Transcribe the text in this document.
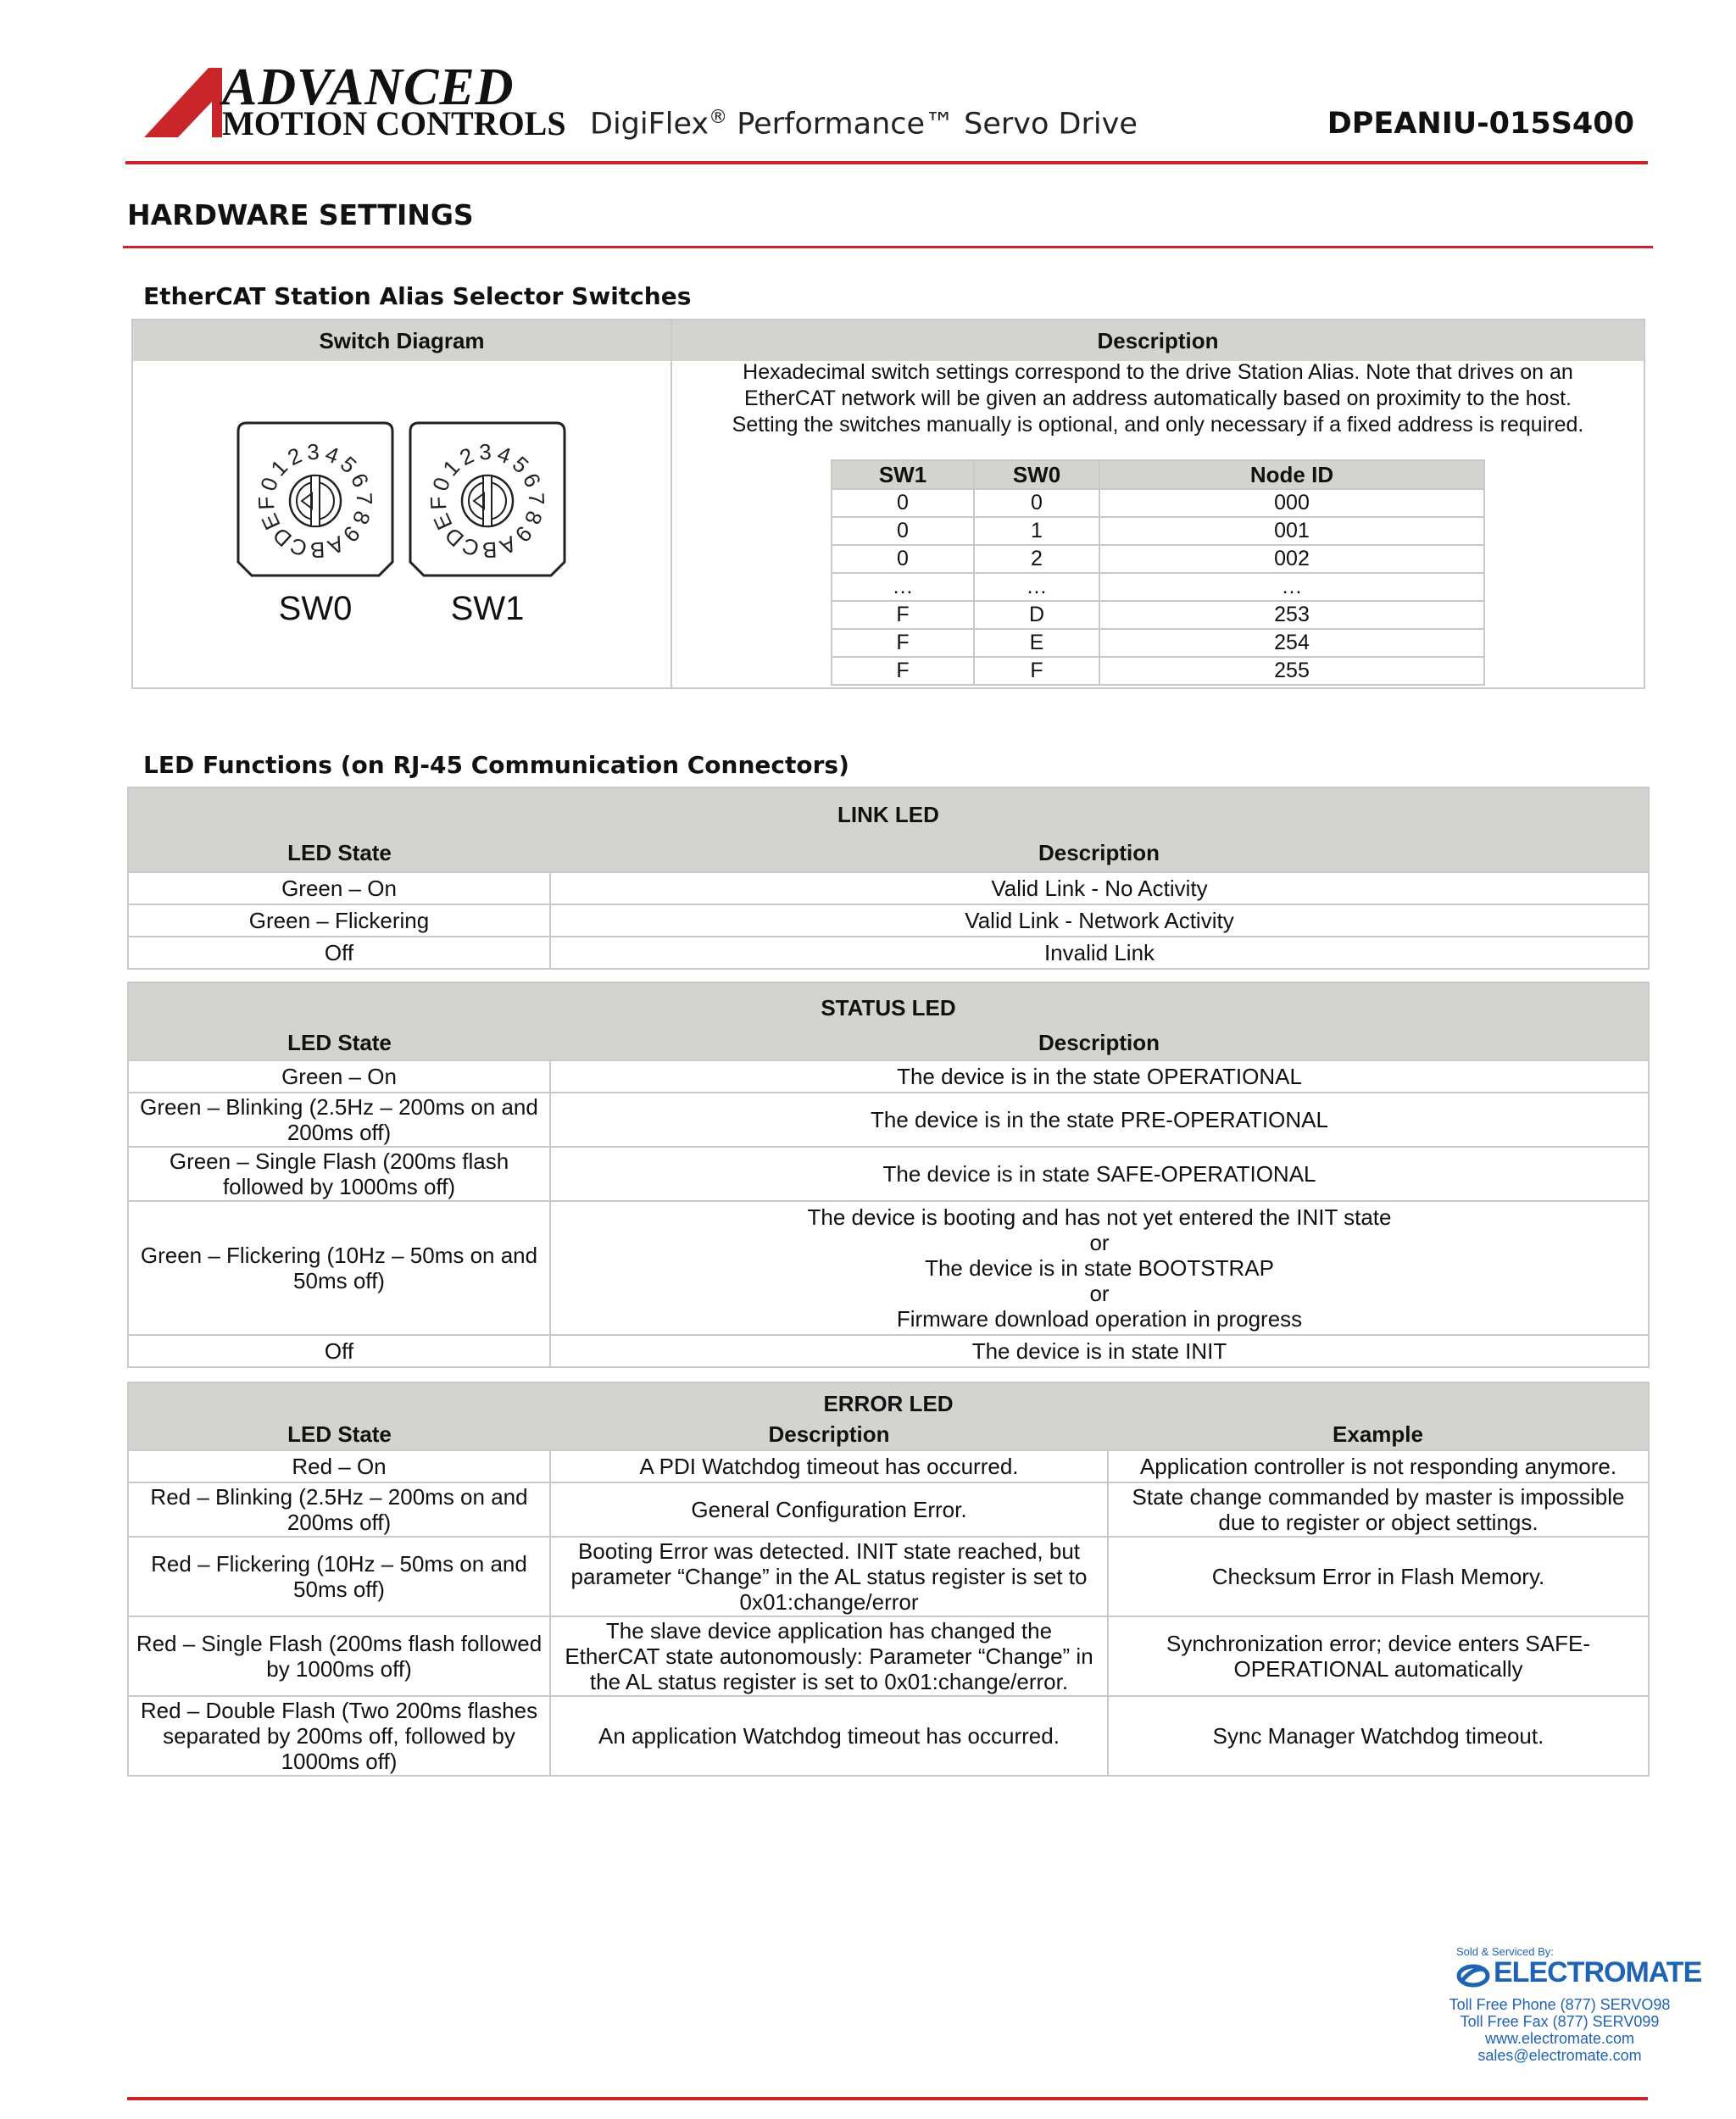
ADVANCED
MOTION CONTROLS DigiFlex® Performance™ Servo Drive	DPEANIU-015S400
HARDWARE SETTINGS
EtherCAT Station Alias Selector Switches
Switch Diagram	Description

0
1
2 3 4
5
6
7
8
9
A
B
C
D
E
F
SW0
0
1
2 3 4
5
6
7
8
9
A
B
C
D
E
F
SW1

Hexadecimal switch settings correspond to the drive Station Alias. Note that drives on an
EtherCAT network will be given an address automatically based on proximity to the host.
Setting the switches manually is optional, and only necessary if a fixed address is required.
SW1	SW0	Node ID
0	0	000
0	1	001
0	2	002
…	…	…
F	D	253
F	E	254
F	F	255
LED Functions (on RJ-45 Communication Connectors)
LINK LED	
LED State	Description
Green – On	Valid Link - No Activity
Green – Flickering	Valid Link - Network Activity
Off	Invalid Link
STATUS LED	
LED State	Description
Green – On	The device is in the state OPERATIONAL
Green – Blinking (2.5Hz – 200ms on and 200ms off)	The device is in the state PRE-OPERATIONAL
Green – Single Flash (200ms flash followed by 1000ms off)	The device is in state SAFE-OPERATIONAL
Green – Flickering (10Hz – 50ms on and 50ms off)	The device is booting and has not yet entered the INIT state
or
The device is in state BOOTSTRAP
or
Firmware download operation in progress

Off	The device is in state INIT
ERROR LED		
LED State	Description	Example
Red – On	A PDI Watchdog timeout has occurred.	Application controller is not responding anymore.
Red – Blinking (2.5Hz – 200ms on and 200ms off)	General Configuration Error.	State change commanded by master is impossible due to register or object settings.
Red – Flickering (10Hz – 50ms on and 50ms off)	Booting Error was detected. INIT state reached, but parameter “Change” in the AL status register is set to 0x01:change/error	Checksum Error in Flash Memory.
Red – Single Flash (200ms flash followed by 1000ms off)	The slave device application has changed the EtherCAT state autonomously: Parameter “Change” in the AL status register is set to 0x01:change/error.	Synchronization error; device enters SAFE-OPERATIONAL automatically
Red – Double Flash (Two 200ms flashes separated by 200ms off, followed by 1000ms off)	An application Watchdog timeout has occurred.	Sync Manager Watchdog timeout.
Sold & Serviced By:
ELECTROMATE
Toll Free Phone (877) SERVO98
Toll Free Fax (877) SERV099
www.electromate.com
sales@electromate.com
